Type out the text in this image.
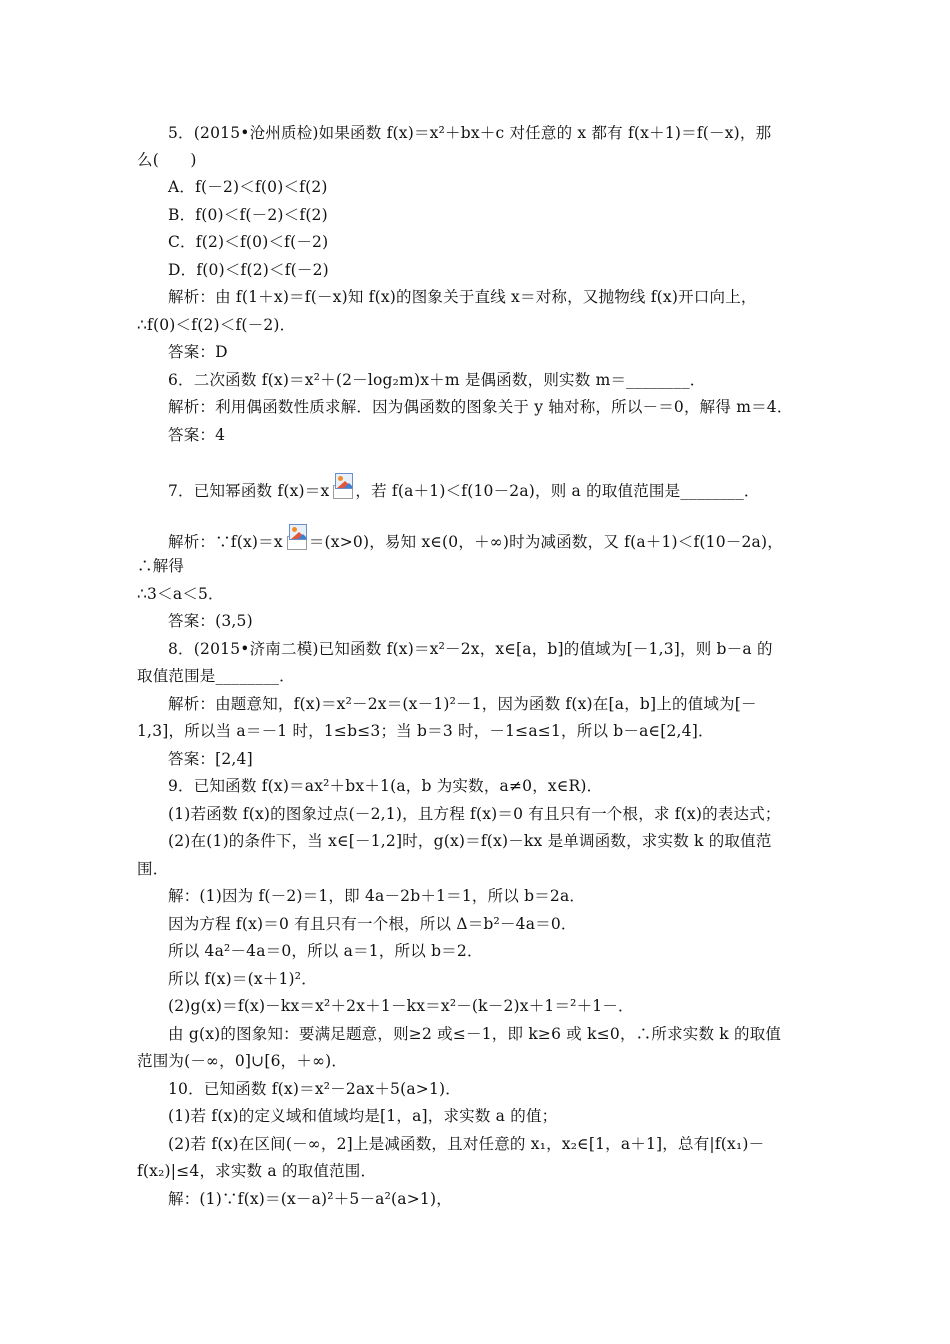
5．(2015•沧州质检)如果函数 f(x)＝x²＋bx＋c 对任意的 x 都有 f(x＋1)＝f(－x)，那
么(　　)
A．f(－2)＜f(0)＜f(2)
B．f(0)＜f(－2)＜f(2)
C．f(2)＜f(0)＜f(－2)
D．f(0)＜f(2)＜f(－2)
解析：由 f(1＋x)＝f(－x)知 f(x)的图象关于直线 x＝对称，又抛物线 f(x)开口向上，
∴f(0)＜f(2)＜f(－2)．
答案：D
6．二次函数 f(x)＝x²＋(2－log₂m)x＋m 是偶函数，则实数 m＝________．
解析：利用偶函数性质求解．因为偶函数的图象关于 y 轴对称，所以－＝0，解得 m＝4．
答案：4
7．已知幂函数 f(x)＝x ，若 f(a＋1)＜f(10－2a)，则 a 的取值范围是________．
解析：∵f(x)＝x ＝(x>0)，易知 x∈(0，＋∞)时为减函数，又 f(a＋1)＜f(10－2a)，
∴解得
∴3＜a＜5．
答案：(3,5)
8．(2015•济南二模)已知函数 f(x)＝x²－2x，x∈[a，b]的值域为[－1,3]，则 b－a 的
取值范围是________．
解析：由题意知，f(x)＝x²－2x＝(x－1)²－1，因为函数 f(x)在[a，b]上的值域为[－
1,3]，所以当 a＝－1 时，1≤b≤3；当 b＝3 时，－1≤a≤1，所以 b－a∈[2,4]．
答案：[2,4]
9．已知函数 f(x)＝ax²＋bx＋1(a，b 为实数，a≠0，x∈R)．
(1)若函数 f(x)的图象过点(－2,1)，且方程 f(x)＝0 有且只有一个根，求 f(x)的表达式；
(2)在(1)的条件下，当 x∈[－1,2]时，g(x)＝f(x)－kx 是单调函数，求实数 k 的取值范
围．
解：(1)因为 f(－2)＝1，即 4a－2b＋1＝1，所以 b＝2a．
因为方程 f(x)＝0 有且只有一个根，所以 Δ＝b²－4a＝0．
所以 4a²－4a＝0，所以 a＝1，所以 b＝2．
所以 f(x)＝(x＋1)²．
(2)g(x)＝f(x)－kx＝x²＋2x＋1－kx＝x²－(k－2)x＋1＝²＋1－．
由 g(x)的图象知：要满足题意，则≥2 或≤－1，即 k≥6 或 k≤0，∴所求实数 k 的取值
范围为(－∞，0]∪[6，＋∞)．
10．已知函数 f(x)＝x²－2ax＋5(a>1)．
(1)若 f(x)的定义域和值域均是[1，a]，求实数 a 的值；
(2)若 f(x)在区间(－∞，2]上是减函数，且对任意的 x₁，x₂∈[1，a＋1]，总有|f(x₁)－
f(x₂)|≤4，求实数 a 的取值范围．
解：(1)∵f(x)＝(x－a)²＋5－a²(a>1)，
